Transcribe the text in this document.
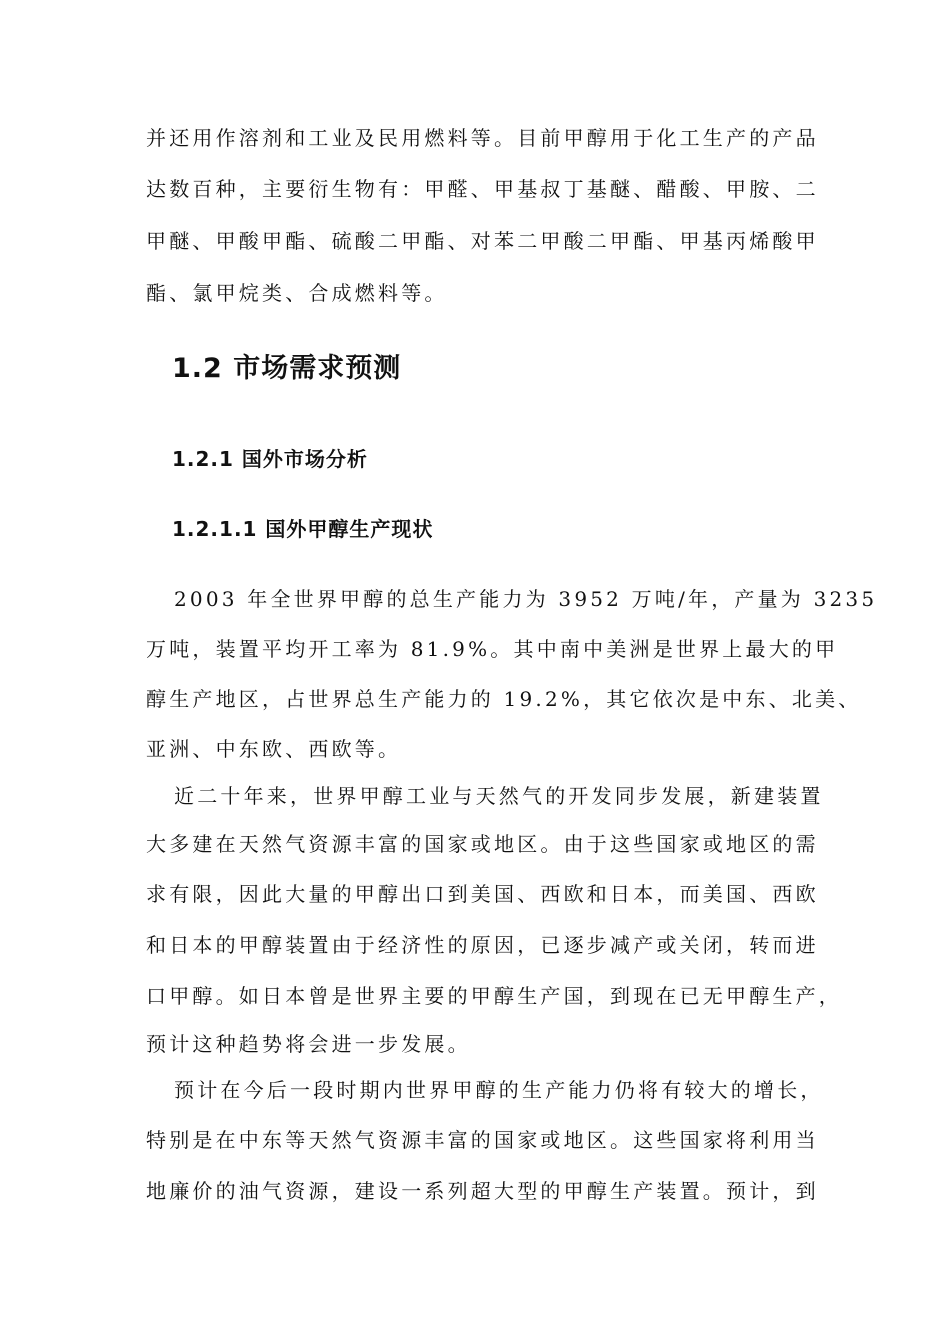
并还用作溶剂和工业及民用燃料等。目前甲醇用于化工生产的产品
达数百种，主要衍生物有：甲醛、甲基叔丁基醚、醋酸、甲胺、二
甲醚、甲酸甲酯、硫酸二甲酯、对苯二甲酸二甲酯、甲基丙烯酸甲
酯、氯甲烷类、合成燃料等。
1.2 市场需求预测
1.2.1 国外市场分析
1.2.1.1 国外甲醇生产现状
2003 年全世界甲醇的总生产能力为 3952 万吨/年，产量为 3235
万吨，装置平均开工率为 81.9%。其中南中美洲是世界上最大的甲
醇生产地区，占世界总生产能力的 19.2%，其它依次是中东、北美、
亚洲、中东欧、西欧等。
近二十年来，世界甲醇工业与天然气的开发同步发展，新建装置
大多建在天然气资源丰富的国家或地区。由于这些国家或地区的需
求有限，因此大量的甲醇出口到美国、西欧和日本，而美国、西欧
和日本的甲醇装置由于经济性的原因，已逐步减产或关闭，转而进
口甲醇。如日本曾是世界主要的甲醇生产国，到现在已无甲醇生产，
预计这种趋势将会进一步发展。
预计在今后一段时期内世界甲醇的生产能力仍将有较大的增长，
特别是在中东等天然气资源丰富的国家或地区。这些国家将利用当
地廉价的油气资源，建设一系列超大型的甲醇生产装置。预计，到
